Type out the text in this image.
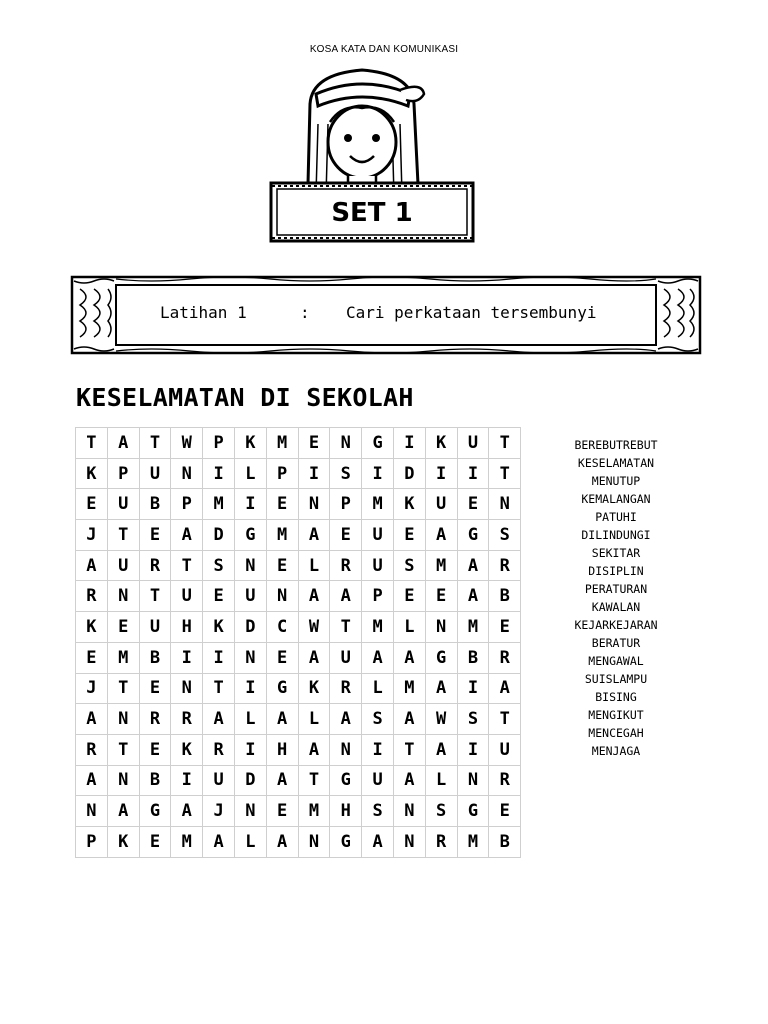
KOSA KATA DAN KOMUNIKASI
SET 1
Latihan 1	: Cari perkataan tersembunyi
KESELAMATAN DI SEKOLAH
T	A	T	W	P	K	M	E	N	G	I	K	U	T
K	P	U	N	I	L	P	I	S	I	D	I	I	T
E	U	B	P	M	I	E	N	P	M	K	U	E	N
J	T	E	A	D	G	M	A	E	U	E	A	G	S
A	U	R	T	S	N	E	L	R	U	S	M	A	R
R	N	T	U	E	U	N	A	A	P	E	E	A	B
K	E	U	H	K	D	C	W	T	M	L	N	M	E
E	M	B	I	I	N	E	A	U	A	A	G	B	R
J	T	E	N	T	I	G	K	R	L	M	A	I	A
A	N	R	R	A	L	A	L	A	S	A	W	S	T
R	T	E	K	R	I	H	A	N	I	T	A	I	U
A	N	B	I	U	D	A	T	G	U	A	L	N	R
N	A	G	A	J	N	E	M	H	S	N	S	G	E
P	K	E	M	A	L	A	N	G	A	N	R	M	B
BEREBUTREBUT
KESELAMATAN
MENUTUP
KEMALANGAN
PATUHI
DILINDUNGI
SEKITAR
DISIPLIN
PERATURAN
KAWALAN
KEJARKEJARAN
BERATUR
MENGAWAL
SUISLAMPU
BISING
MENGIKUT
MENCEGAH
MENJAGA
